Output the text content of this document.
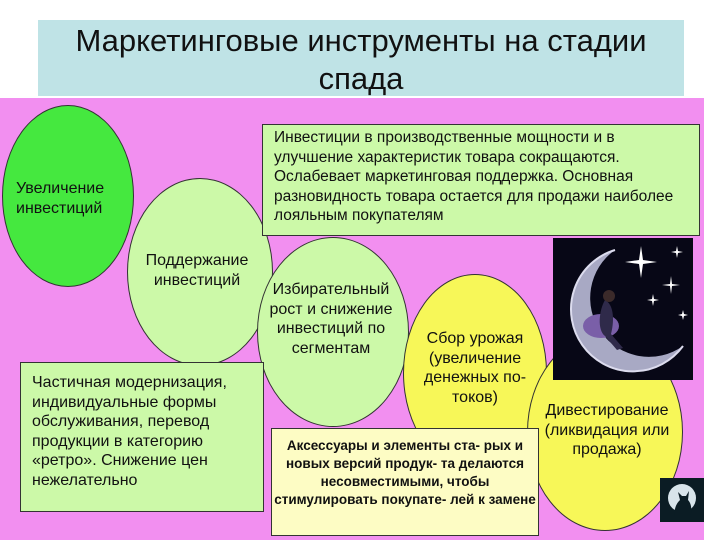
Маркетинговые инструменты на стадии спада
Увеличение инвестиций
Поддержание инвестиций
Избирательный рост и снижение инвестиций по сегментам
Сбор урожая (увеличение денежных по- токов)
Дивестирование (ликвидация или продажа)
Инвестиции в производственные мощности и в улучшение характеристик товара сокращаются. Ослабевает маркетинговая поддержка. Основная разновидность товара остается для продажи наиболее лояльным покупателям
Частичная модернизация, индивидуальные формы обслуживания, перевод продукции в категорию «ретро». Снижение цен нежелательно
Аксессуары и элементы ста- рых и новых версий продук- та делаются несовместимыми, чтобы стимулировать покупате- лей к замене
